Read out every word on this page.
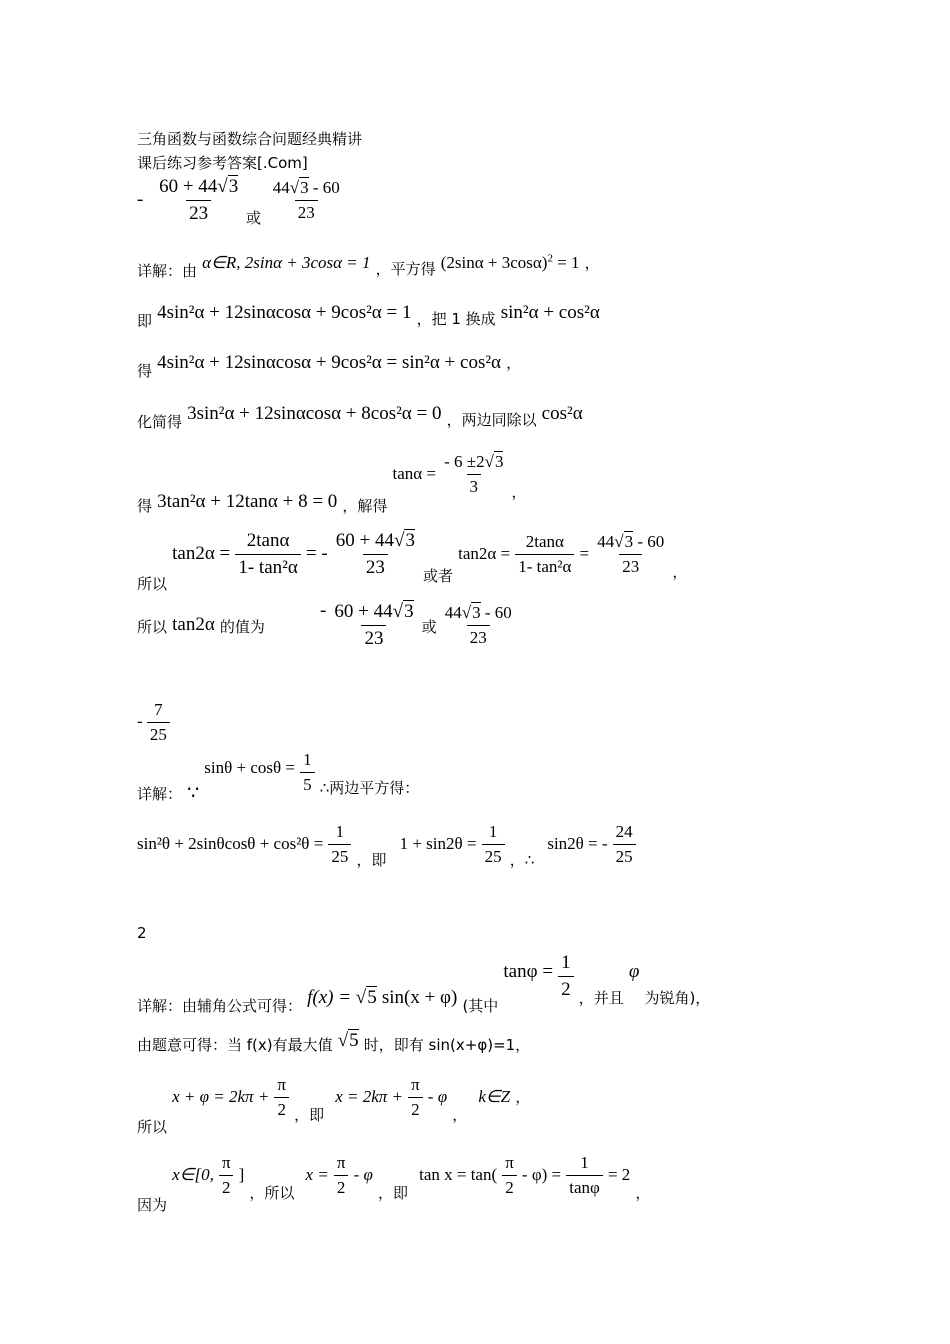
三角函数与函数综合问题经典精讲
课后练习参考答案[.Com]
- $\frac{60 + 44√3}{23} _或 \frac{44√3 - 60}{23}$
详解：由 α∈R, 2sinα + 3cosα = 1 ，平方得 $(2\sin\alpha + 3\cos\alpha)^2 = 1$ ，
即 4sin²α + 12sinαcosα + 9cos²α = 1 ，把 1 换成 sin²α + cos²α
得 4sin²α + 12sinαcosα + 9cos²α = sin²α + cos²α ，
化简得 3sin²α + 12sinαcosα + 8cos²α = 0 ，两边同除以 cos²α
得 3tan²α + 12tanα + 8 = 0 ，解得 $\tan\alpha = \frac{- 6 \pm 2√3}{3}$ ，
所以 $\tan 2\alpha = \frac{2\tan\alpha}{\text{1- tan²α}}$ = - $\frac{60 + 44√3}{23}$ 或者 $\tan 2\alpha = \frac{2\tan\alpha}{\text{1- tan²α}} = \frac{44√3 - 60}{23}$ ，
所以 tan2α 的值为 - $\frac{60 + 44√3}{23}$ 或 $\frac{44√3 - 60}{23}$
- $\frac{7}{25}$
详解： ∵ $\sin\theta + \cos\theta = \frac{1}{5}$ ∴两边平方得：
$\sin^2\theta + 2\sin\theta\cos\theta + \cos^2\theta = \frac{1}{25}$ ，即 $1 + \sin 2\theta = \frac{1}{25}$ ，∴ sin2θ = - $\frac{24}{25}$
2
详解：由辅角公式可得： f(x) = √5 sin(x + φ) (其中 $\tan\varphi = \frac{1}{2}$ ，并且 φ 为锐角)，
由题意可得：当 f(x)有最大值 √5 时，即有 sin(x+φ)=1，
所以 $x + \varphi = 2k\pi + \frac{\pi}{2}$ ，即 $x = 2k\pi + \frac{\pi}{2} - \varphi$ ， k∈Z ，
因为 x∈[0, $\frac{\pi}{2}$ ] ，所以 $x = \frac{\pi}{2} - \varphi$ ，即 $\tan x = \tan( \frac{\pi}{2} - \varphi) = \frac{1}{\tan\varphi} = 2$ ，
